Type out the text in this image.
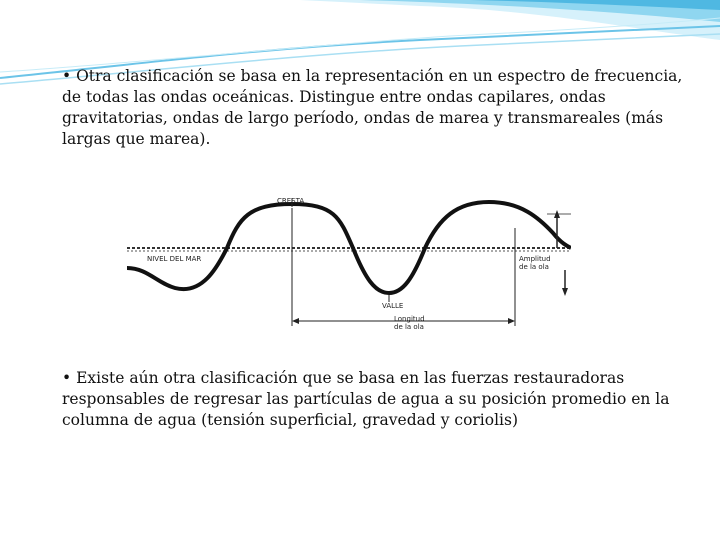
• Otra clasificación se basa en la representación en un espectro de frecuencia, de todas las ondas oceánicas. Distingue entre ondas capilares, ondas gravitatorias, ondas de largo período, ondas de marea y transmareales (más largas que marea).

CRESTA
NIVEL DEL MAR	Amplitud
de la ola
VALLE
Longitud
de la ola

• Existe aún otra clasificación que se basa en las fuerzas restauradoras responsables de regresar las partículas de agua a su posición promedio en la columna de agua (tensión superficial, gravedad y coriolis)
